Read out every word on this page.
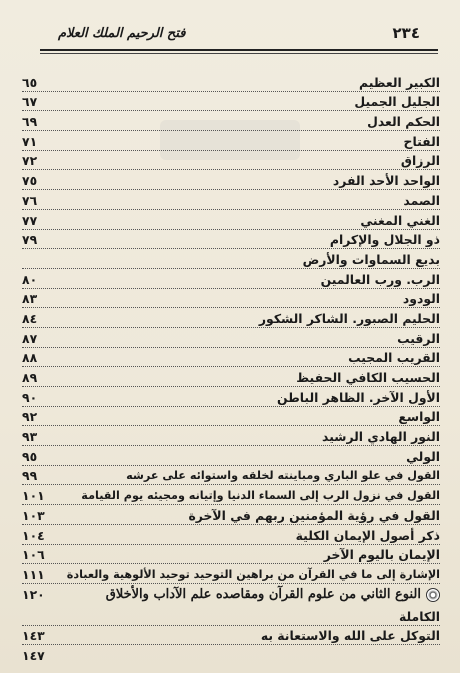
٢٣٤
فتح الرحيم الملك العلام
الكبير العظيم
٦٥
الجليل الجميل
٦٧
الحكم العدل
٦٩
الفتاح
٧١
الرزاق
٧٢
الواحد الأحد الفرد
٧٥
الصمد
٧٦
الغني المغني
٧٧
ذو الجلال والإكرام
٧٩
بديع السماوات والأرض
الرب. ورب العالمين
٨٠
الودود
٨٣
الحليم الصبور. الشاكر الشكور
٨٤
الرقيب
٨٧
القريب المجيب
٨٨
الحسيب الكافي الحفيظ
٨٩
الأول الآخر. الظاهر الباطن
٩٠
الواسع
٩٢
النور الهادي الرشيد
٩٣
الولي
٩٥
القول في علو الباري ومباينته لخلقه واستوائه على عرشه
٩٩
القول في نزول الرب إلى السماء الدنيا وإتيانه ومجيئه يوم القيامة
١٠١
القول في رؤية المؤمنين ربهم في الآخرة
١٠٣
ذكر أصول الإيمان الكلية
١٠٤
الإيمان باليوم الآخر
١٠٦
الإشارة إلى ما في القرآن من براهين التوحيد توحيد الألوهية والعبادة
١١١
النوع الثاني من علوم القرآن ومقاصده علم الآداب والأخلاق
١٢٠
الكاملة
التوكل على الله والاستعانة به
١٤٣
١٤٧
